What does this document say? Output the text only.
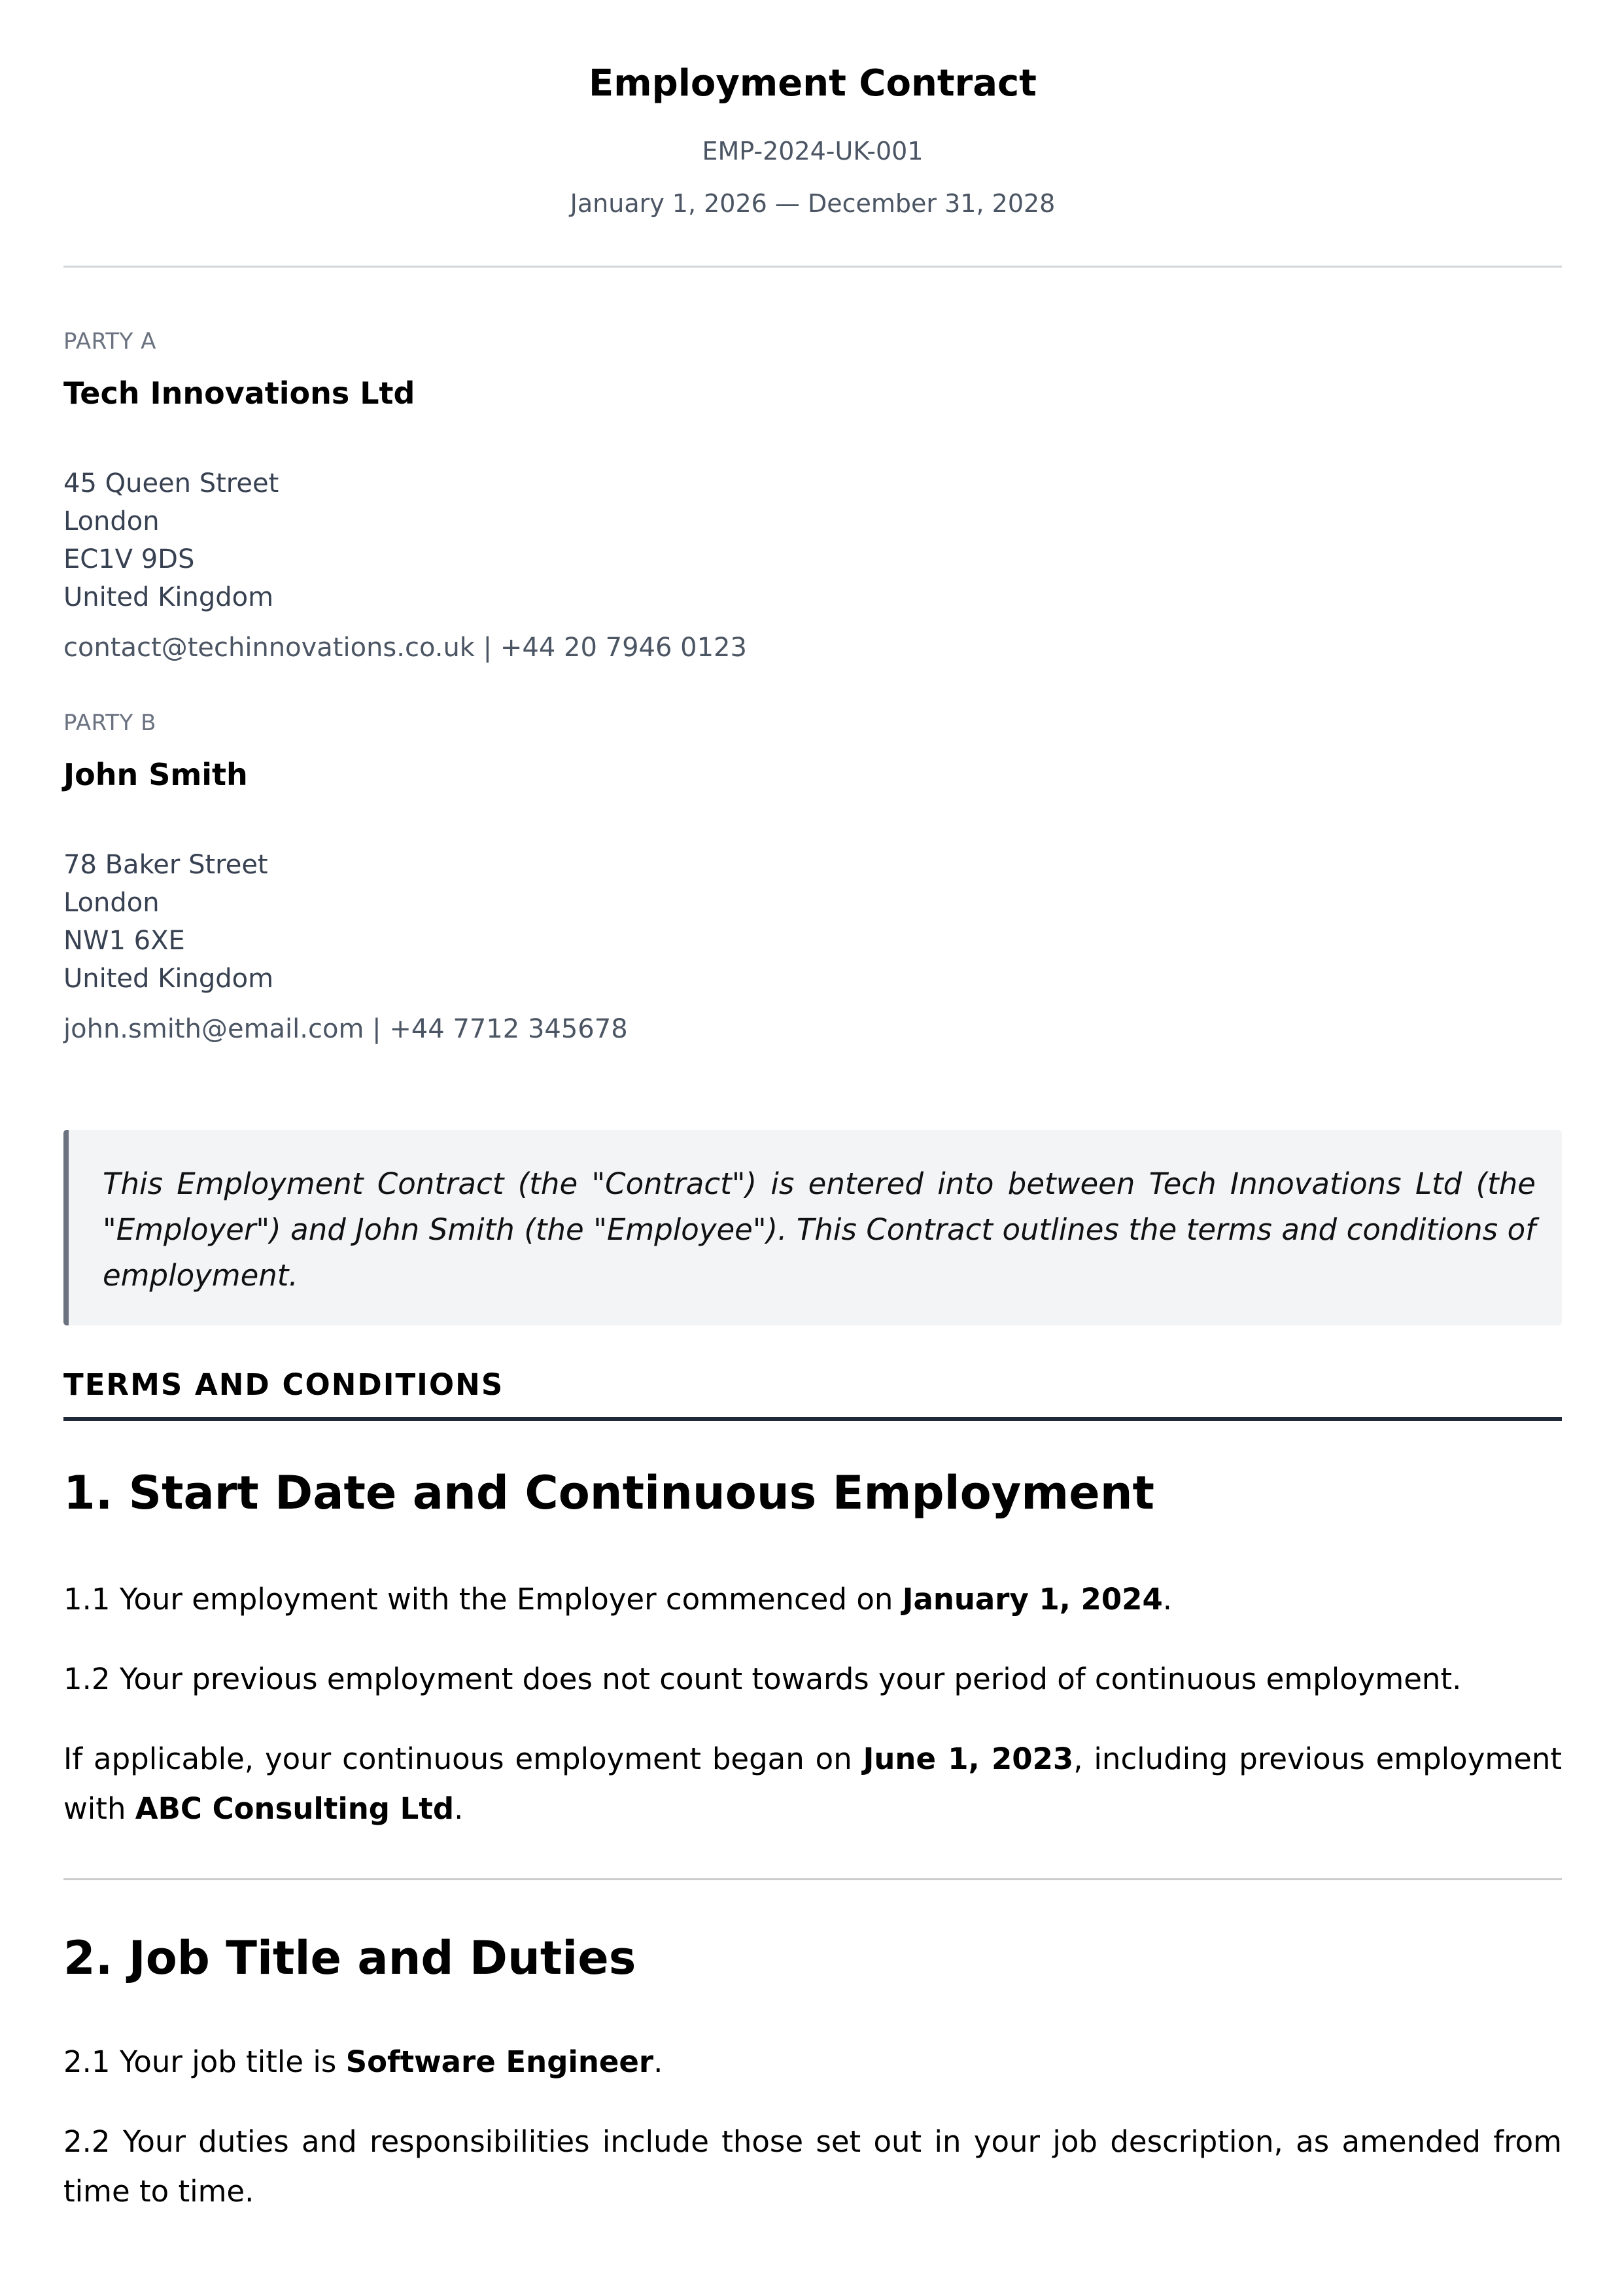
Employment Contract
EMP-2024-UK-001
January 1, 2026 — December 31, 2028
PARTY A
Tech Innovations Ltd
45 Queen Street
London
EC1V 9DS
United Kingdom
contact@techinnovations.co.uk | +44 20 7946 0123
PARTY B
John Smith
78 Baker Street
London
NW1 6XE
United Kingdom
john.smith@email.com | +44 7712 345678

This Employment Contract (the "Contract") is entered into between Tech Innovations Ltd (the "Employer") and John Smith (the "Employee"). This Contract outlines the terms and conditions of employment.

TERMS AND CONDITIONS
1. Start Date and Continuous Employment

1.1 Your employment with the Employer commenced on January 1, 2024.

1.2 Your previous employment does not count towards your period of continuous employment.

If applicable, your continuous employment began on June 1, 2023, including previous employment with ABC Consulting Ltd.

2. Job Title and Duties

2.1 Your job title is Software Engineer.

2.2 Your duties and responsibilities include those set out in your job description, as amended from time to time.
